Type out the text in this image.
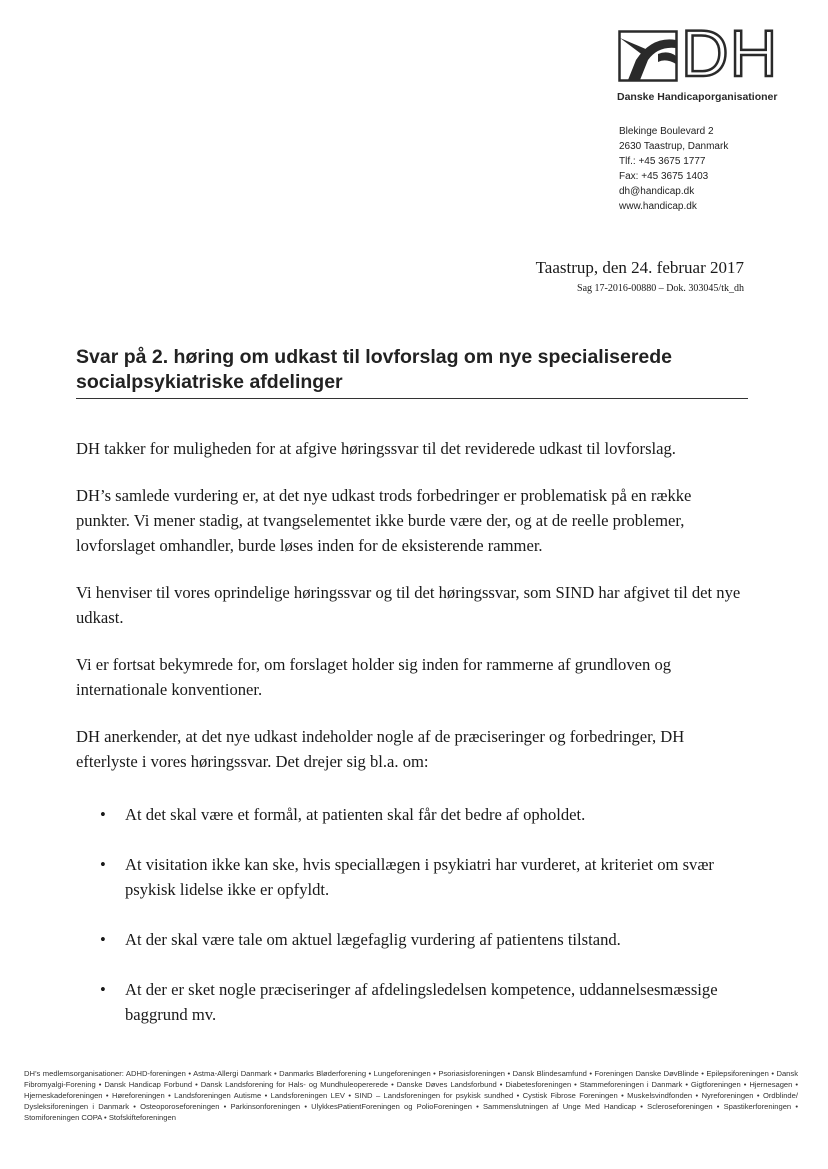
DH
Danske Handicaporganisationer
Blekinge Boulevard 2
2630 Taastrup, Danmark
Tlf.: +45 3675 1777
Fax: +45 3675 1403
dh@handicap.dk
www.handicap.dk
Taastrup, den 24. februar 2017
Sag 17-2016-00880 – Dok. 303045/tk_dh
Svar på 2. høring om udkast til lovforslag om nye specialiserede socialpsykiatriske afdelinger

DH takker for muligheden for at afgive høringssvar til det reviderede udkast til lovforslag.

DH’s samlede vurdering er, at det nye udkast trods forbedringer er problematisk på en række punkter. Vi mener stadig, at tvangselementet ikke burde være der, og at de reelle problemer, lovforslaget omhandler, burde løses inden for de eksisterende rammer.

Vi henviser til vores oprindelige høringssvar og til det høringssvar, som SIND har afgivet til det nye udkast.

Vi er fortsat bekymrede for, om forslaget holder sig inden for rammerne af grundloven og internationale konventioner.

DH anerkender, at det nye udkast indeholder nogle af de præciseringer og forbedringer, DH efterlyste i vores høringssvar. Det drejer sig bl.a. om:

• At det skal være et formål, at patienten skal får det bedre af opholdet.
• At visitation ikke kan ske, hvis speciallægen i psykiatri har vurderet, at kriteriet om svær psykisk lidelse ikke er opfyldt.
• At der skal være tale om aktuel lægefaglig vurdering af patientens tilstand.
• At der er sket nogle præciseringer af afdelingsledelsen kompetence, uddannelsesmæssige baggrund mv.
DH’s medlemsorganisationer: ADHD-foreningen • Astma-Allergi Danmark • Danmarks Bløderforening • Lungeforeningen • Psoriasisforeningen • Dansk Blindesamfund • Foreningen Danske DøvBlinde • Epilepsiforeningen • Dansk Fibromyalgi-Forening • Dansk Handicap Forbund • Dansk Landsforening for Hals- og Mundhuleopererede • Danske Døves Landsforbund • Diabetesforeningen • Stammeforeningen i Danmark • Gigtforeningen • Hjernesagen • Hjerneskadeforeningen • Høreforeningen • Landsforeningen Autisme • Landsforeningen LEV • SIND – Landsforeningen for psykisk sundhed • Cystisk Fibrose Foreningen • Muskelsvindfonden • Nyreforeningen • Ordblinde/ Dysleksiforeningen i Danmark • Osteoporoseforeningen • Parkinsonforeningen • UlykkesPatientForeningen og PolioForeningen • Sammenslutningen af Unge Med Handicap • Scleroseforeningen • Spastikerforeningen • Stomiforeningen COPA • Stofskifteforeningen
